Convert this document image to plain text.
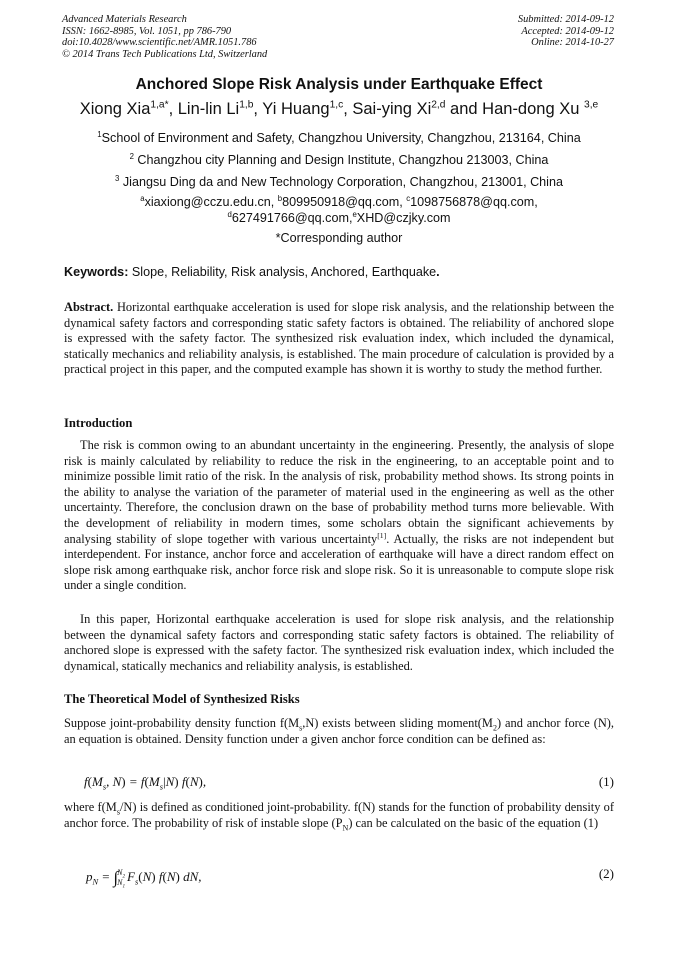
Advanced Materials Research
ISSN: 1662-8985, Vol. 1051, pp 786-790
doi:10.4028/www.scientific.net/AMR.1051.786
© 2014 Trans Tech Publications Ltd, Switzerland
Submitted: 2014-09-12
Accepted: 2014-09-12
Online: 2014-10-27
Anchored Slope Risk Analysis under Earthquake Effect
Xiong Xia$^{1,a*}$, Lin-lin Li$^{1,b}$, Yi Huang$^{1,c}$, Sai-ying Xi$^{2,d}$ and Han-dong Xu $^{3,e}$
$^1$School of Environment and Safety, Changzhou University, Changzhou, 213164, China
$^2$ Changzhou city Planning and Design Institute, Changzhou 213003, China
$^3$ Jiangsu Ding da and New Technology Corporation, Changzhou, 213001, China
$^a$xiaxiong@cczu.edu.cn, $^b$809950918@qq.com, $^c$1098756878@qq.com,
$^d$627491766@qq.com,$^e$XHD@czjky.com
*Corresponding author
Keywords: Slope, Reliability, Risk analysis, Anchored, Earthquake.

Abstract. Horizontal earthquake acceleration is used for slope risk analysis, and the relationship between the dynamical safety factors and corresponding static safety factors is obtained. The reliability of anchored slope is expressed with the safety factor. The synthesized risk evaluation index, which included the dynamical, statically mechanics and reliability analysis, is established. The main procedure of calculation is provided by a practical project in this paper, and the computed example has shown it is worthy to study the method further.

Introduction

The risk is common owing to an abundant uncertainty in the engineering. Presently, the analysis of slope risk is mainly calculated by reliability to reduce the risk in the engineering, to an acceptable point and to minimize possible limit ratio of the risk. In the analysis of risk, probability method shows. Its strong points in the ability to analyse the variation of the parameter of material used in the engineering as well as the other uncertainty. Therefore, the conclusion drawn on the base of probability method turns more believable. With the development of reliability in modern times, some scholars obtain the significant achievements by analysing stability of slope together with various uncertainty[1]. Actually, the risks are not independent but interdependent. For instance, anchor force and acceleration of earthquake will have a direct random effect on slope risk among earthquake risk, anchor force risk and slope risk. So it is unreasonable to compute slope risk under a single condition.

In this paper, Horizontal earthquake acceleration is used for slope risk analysis, and the relationship between the dynamical safety factors and corresponding static safety factors is obtained. The reliability of anchored slope is expressed with the safety factor. The synthesized risk evaluation index, which included the dynamical, statically mechanics and reliability analysis, is established.

The Theoretical Model of Synthesized Risks

Suppose joint-probability density function $f(M_s,N)$ exists between sliding $moment(M_2)$ and anchor force (N), an equation is obtained. Density function under a given anchor force condition can be defined as:

$f(M_s$, $N) = f(M_s|N)$ f(N),	(1)

where $f(M_s/N)$ is defined as conditioned joint-probability. f(N) stands for the function of probability density of anchor force. The probability of risk of instable slope $(P_N)$ can be calculated on the basic of the equation (1)

$p_N$ = ∫ $N_2$
$N_1$
$F_s(N)$ f(N) dN,	(2)
